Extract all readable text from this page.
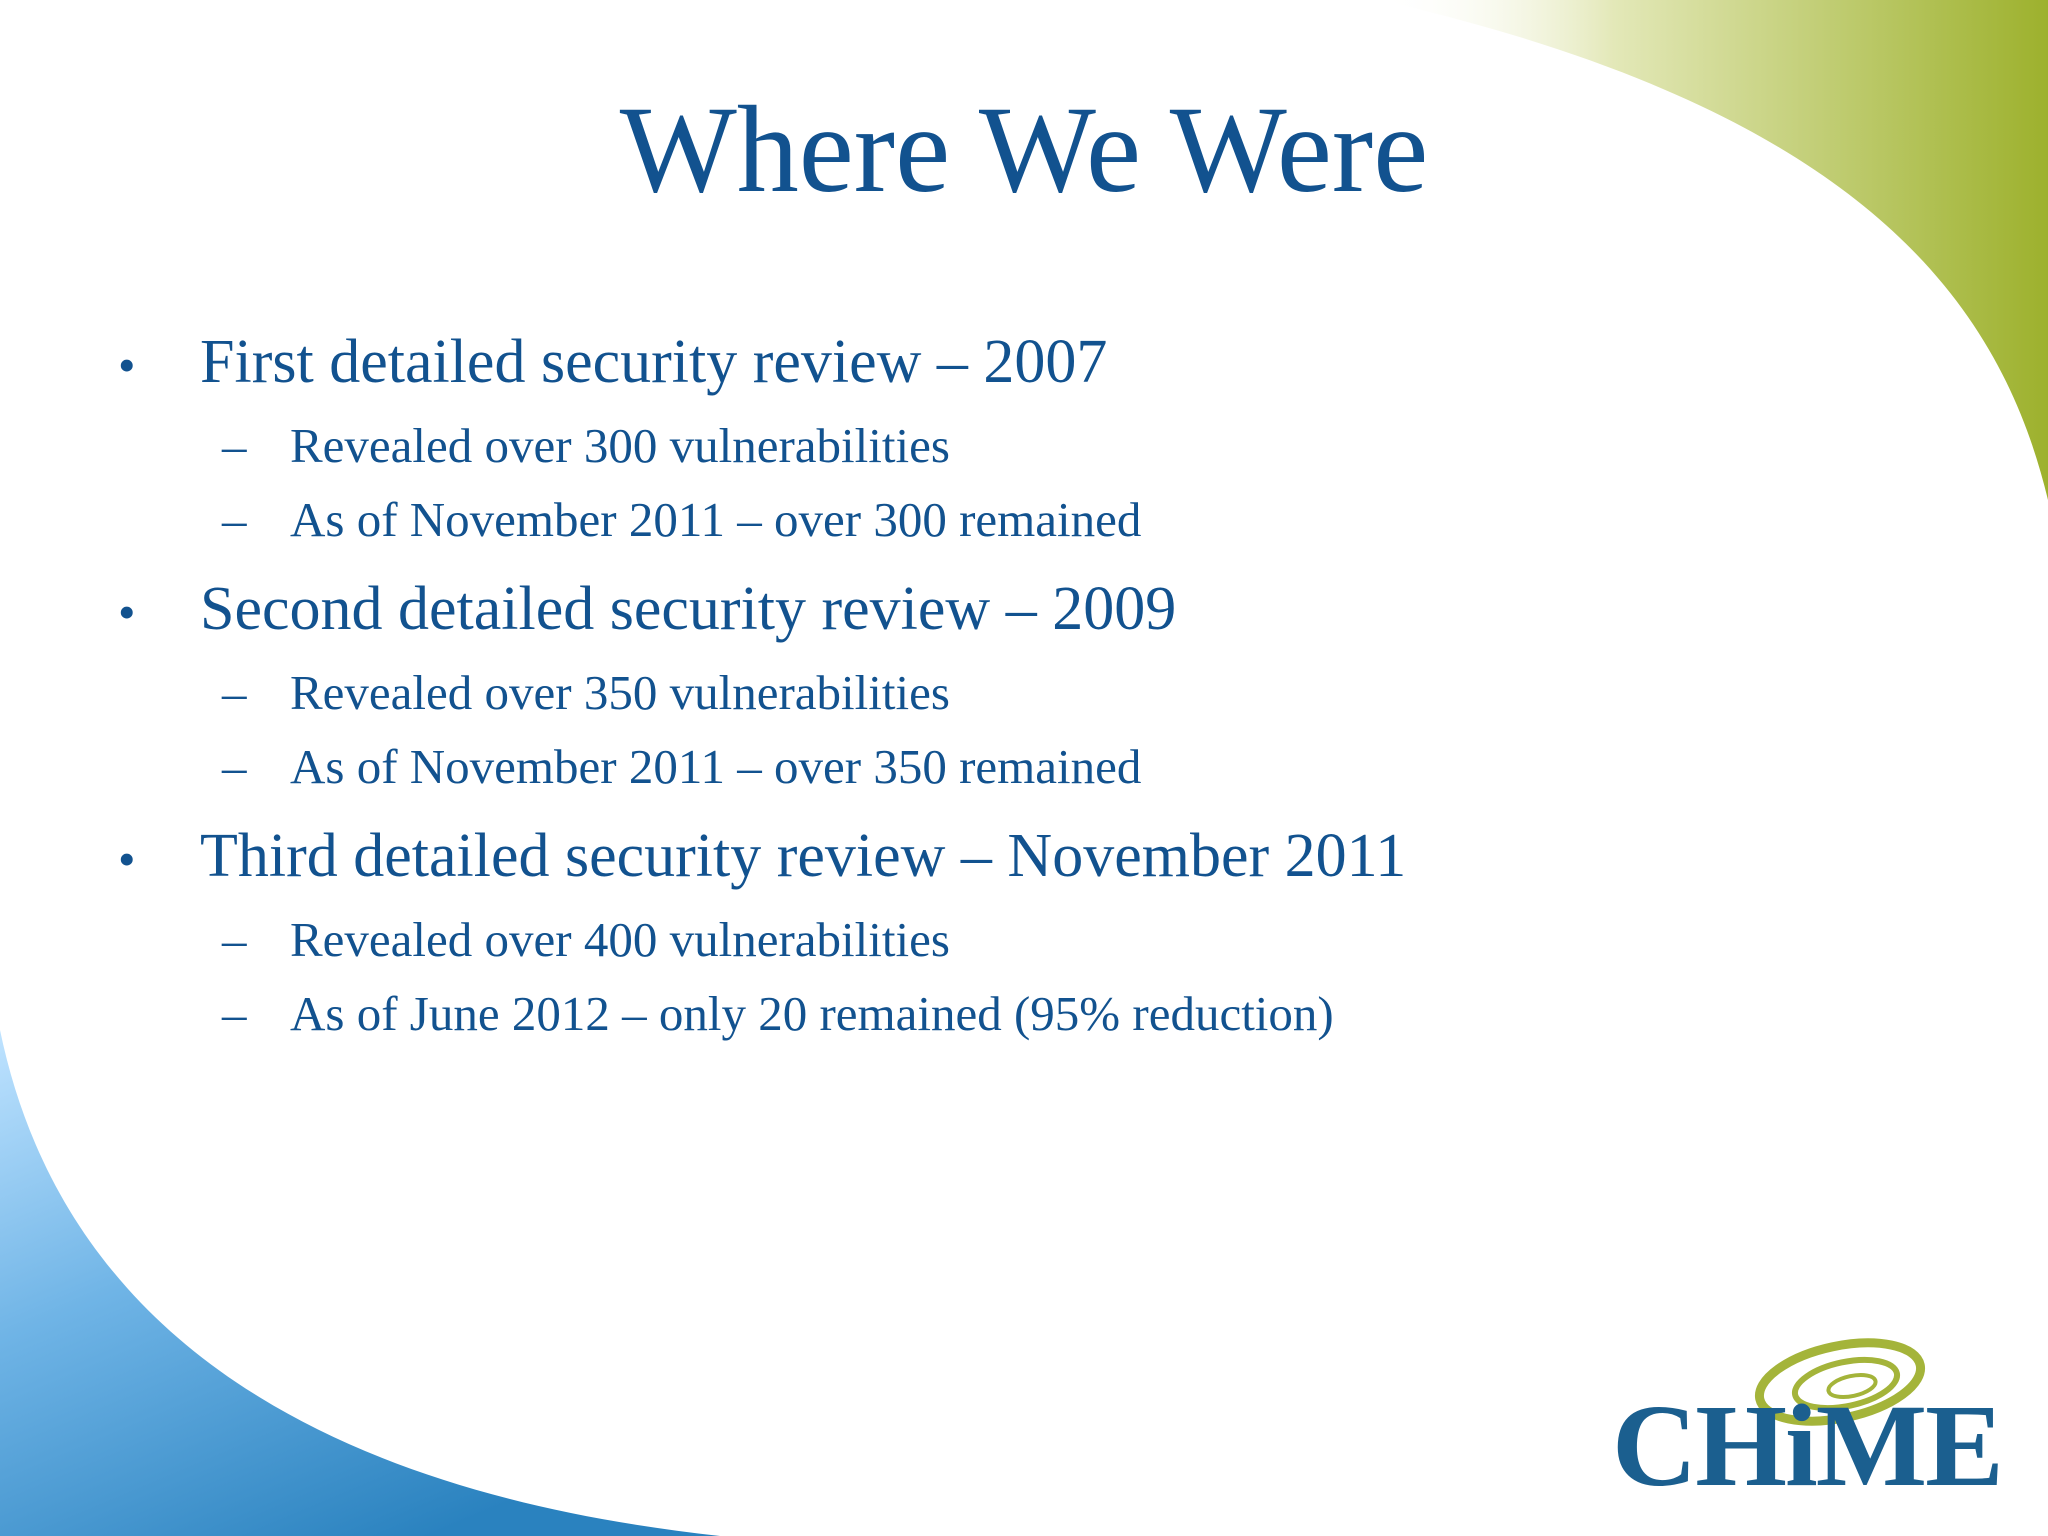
Where We Were
•	First detailed security review – 2007
– Revealed over 300 vulnerabilities
– As of November 2011 – over 300 remained
•	Second detailed security review – 2009
– Revealed over 350 vulnerabilities
– As of November 2011 – over 350 remained
•	Third detailed security review – November 2011
– Revealed over 400 vulnerabilities
– As of June 2012 – only 20 remained (95% reduction)
CHiME
